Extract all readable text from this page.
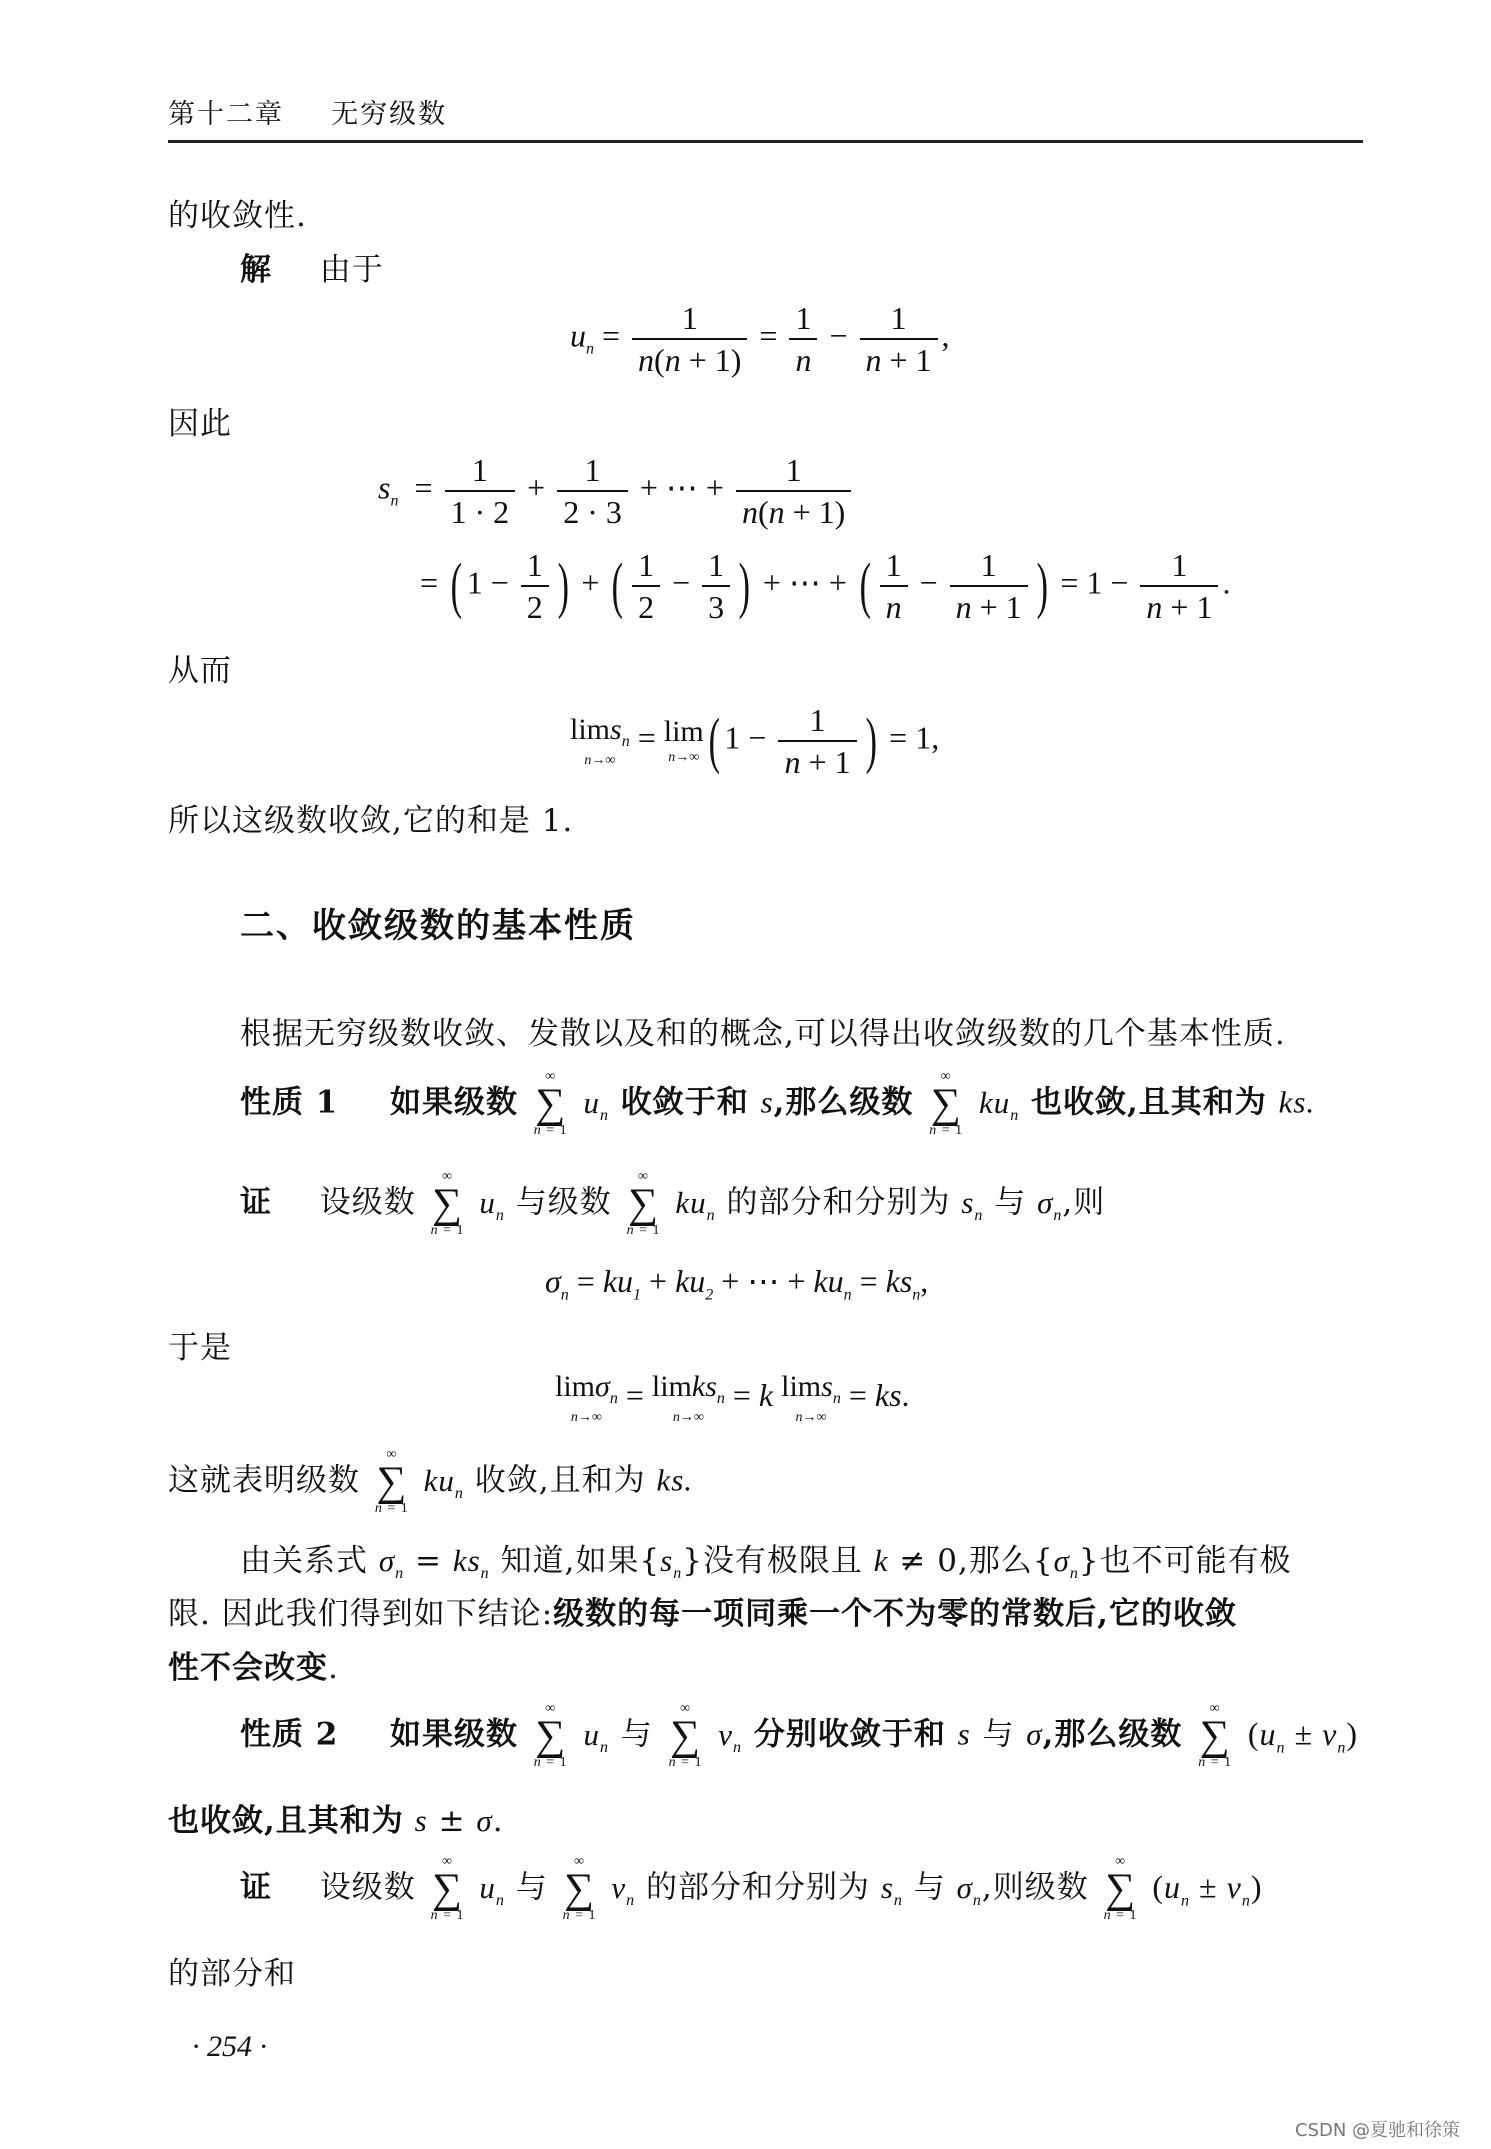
第十二章 无穷级数
的收敛性.
解 由于
$u_n = \frac{1}{n(n + 1)} = \frac{1}{n} - \frac{1}{n + 1}$ ,
因此
$s_n = \frac{1}{1 \cdot 2} + \frac{1}{2 \cdot 3}$ + ⋯ + $\frac{1}{n(n + 1)}$
= ( $1 - \frac{1}{2}$ ) + ( $\frac{1}{2} - \frac{1}{3}$ ) + ⋯ + ( $\frac{1}{n} - \frac{1}{n + 1}$ ) = $1 - \frac{1}{n + 1}$ .
从而
lims$_n$
n→∞
= lim
n→∞ ( $1 - \frac{1}{n + 1}$ ) = 1,
所以这级数收敛,它的和是 1.
二、收敛级数的基本性质
根据无穷级数收敛、发散以及和的概念,可以得出收敛级数的几个基本性质.
性质 1 如果级数
∞
∑
n = 1
$u_n$ 收敛于和 s,那么级数
∞
∑
n = 1
$ku_n$ 也收敛,且其和为 ks.
证 设级数
∞
∑
n = 1
$u_n$ 与级数
∞
∑
n = 1
$ku_n$ 的部分和分别为 $s_n$ 与 $\sigma_n$,则
$\sigma_n = ku_1 + ku_2$ + ⋯ + $ku_n = ks_n$,
于是
limσ$_n$
n→∞
= limks$_n$
n→∞
= k lims$_n$
n→∞
= ks.
这就表明级数
∞
∑
n = 1
$ku_n$ 收敛,且和为 ks.
由关系式 $\sigma_n = ks_n$ 知道,如果$\{s_n\}$没有极限且 k ≠ 0,那么$\{\sigma_n\}$也不可能有极
限. 因此我们得到如下结论:级数的每一项同乘一个不为零的常数后,它的收敛
性不会改变.
性质 2 如果级数
∞
∑
n = 1
$u_n$ 与
∞
∑
n = 1
$v_n$ 分别收敛于和 s 与 σ,那么级数
∞
∑
n = 1
$(u_n \pm v_n)$
也收敛,且其和为 s ± σ.
证 设级数
∞
∑
n = 1
$u_n$ 与
∞
∑
n = 1
$v_n$ 的部分和分别为 $s_n$ 与 $\sigma_n$,则级数
∞
∑
n = 1
$(u_n \pm v_n)$
的部分和
· 254 ·
CSDN @夏驰和徐策
